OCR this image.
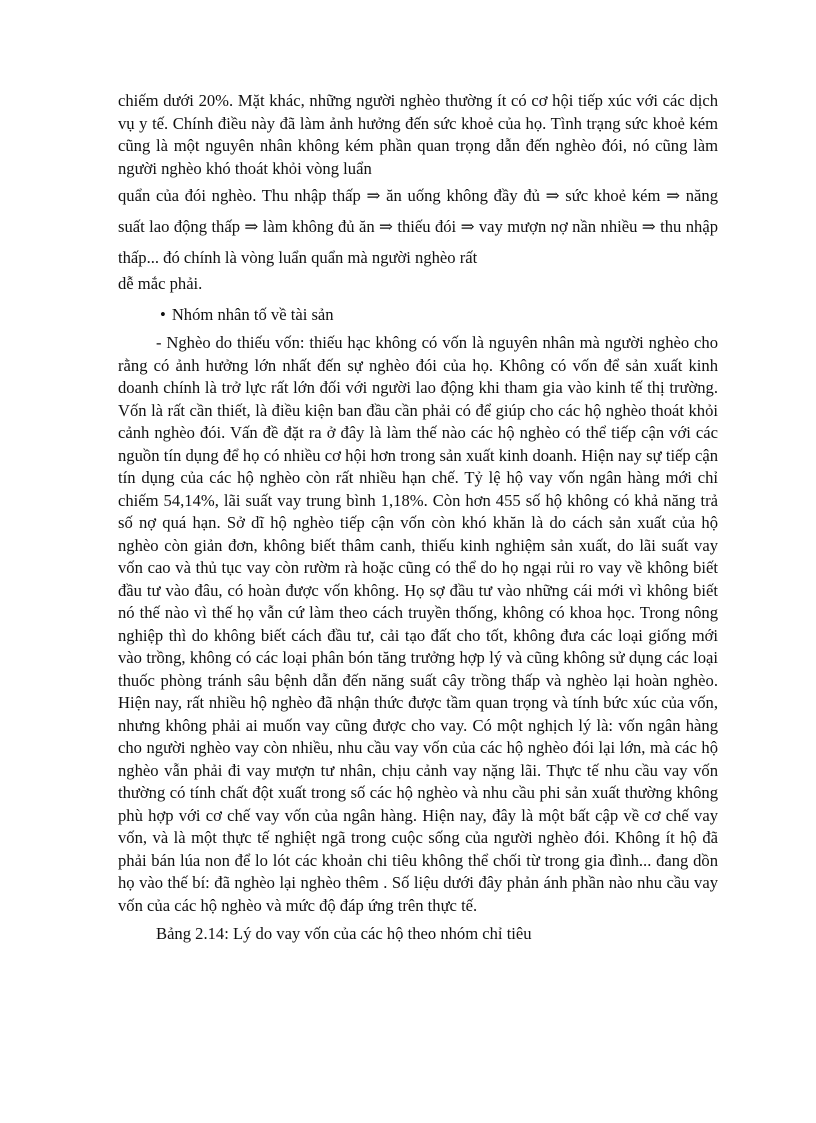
chiếm dưới 20%. Mặt khác, những người nghèo thường ít có cơ hội tiếp xúc với các dịch vụ y tế. Chính điều này đã làm ảnh hưởng đến sức khoẻ của họ. Tình trạng sức khoẻ kém cũng là một nguyên nhân không kém phần quan trọng dẫn đến nghèo đói, nó cũng làm người nghèo khó thoát khỏi vòng luẩn

quẩn của đói nghèo. Thu nhập thấp ⇒ ăn uống không đầy đủ ⇒ sức khoẻ kém ⇒ năng suất lao động thấp ⇒ làm không đủ ăn ⇒ thiếu đói ⇒ vay mượn nợ nần nhiều ⇒ thu nhập thấp... đó chính là vòng luẩn quẩn mà người nghèo rất

dễ mắc phải.

• Nhóm nhân tố về tài sản

- Nghèo do thiếu vốn: thiếu hạc không có vốn là nguyên nhân mà người nghèo cho rằng có ảnh hưởng lớn nhất đến sự nghèo đói của họ. Không có vốn để sản xuất kinh doanh chính là trở lực rất lớn đối với người lao động khi tham gia vào kinh tế thị trường. Vốn là rất cần thiết, là điều kiện ban đầu cần phải có để giúp cho các hộ nghèo thoát khỏi cảnh nghèo đói. Vấn đề đặt ra ở đây là làm thế nào các hộ nghèo có thể tiếp cận với các nguồn tín dụng để họ có nhiều cơ hội hơn trong sản xuất kinh doanh. Hiện nay sự tiếp cận tín dụng của các hộ nghèo còn rất nhiều hạn chế. Tỷ lệ hộ vay vốn ngân hàng mới chỉ chiếm 54,14%, lãi suất vay trung bình 1,18%. Còn hơn 455 số hộ không có khả năng trả số nợ quá hạn. Sở dĩ hộ nghèo tiếp cận vốn còn khó khăn là do cách sản xuất của hộ nghèo còn giản đơn, không biết thâm canh, thiếu kinh nghiệm sản xuất, do lãi suất vay vốn cao và thủ tục vay còn rườm rà hoặc cũng có thể do họ ngại rủi ro vay về không biết đầu tư vào đâu, có hoàn được vốn không. Họ sợ đầu tư vào những cái mới vì không biết nó thế nào vì thế họ vẫn cứ làm theo cách truyền thống, không có khoa học. Trong nông nghiệp thì do không biết cách đầu tư, cải tạo đất cho tốt, không đưa các loại giống mới vào trồng, không có các loại phân bón tăng trưởng hợp lý và cũng không sử dụng các loại thuốc phòng tránh sâu bệnh dẫn đến năng suất cây trồng thấp và nghèo lại hoàn nghèo. Hiện nay, rất nhiều hộ nghèo đã nhận thức được tầm quan trọng và tính bức xúc của vốn, nhưng không phải ai muốn vay cũng được cho vay. Có một nghịch lý là: vốn ngân hàng cho người nghèo vay còn nhiều, nhu cầu vay vốn của các hộ nghèo đói lại lớn, mà các hộ nghèo vẫn phải đi vay mượn tư nhân, chịu cảnh vay nặng lãi. Thực tế nhu cầu vay vốn thường có tính chất đột xuất trong số các hộ nghèo và nhu cầu phi sản xuất thường không phù hợp với cơ chế vay vốn của ngân hàng. Hiện nay, đây là một bất cập về cơ chế vay vốn, và là một thực tế nghiệt ngã trong cuộc sống của người nghèo đói. Không ít hộ đã phải bán lúa non để lo lót các khoản chi tiêu không thể chối từ trong gia đình... đang dồn họ vào thế bí: đã nghèo lại nghèo thêm . Số liệu dưới đây phản ánh phần nào nhu cầu vay vốn của các hộ nghèo và mức độ đáp ứng trên thực tế.

Bảng 2.14: Lý do vay vốn của các hộ theo nhóm chỉ tiêu
